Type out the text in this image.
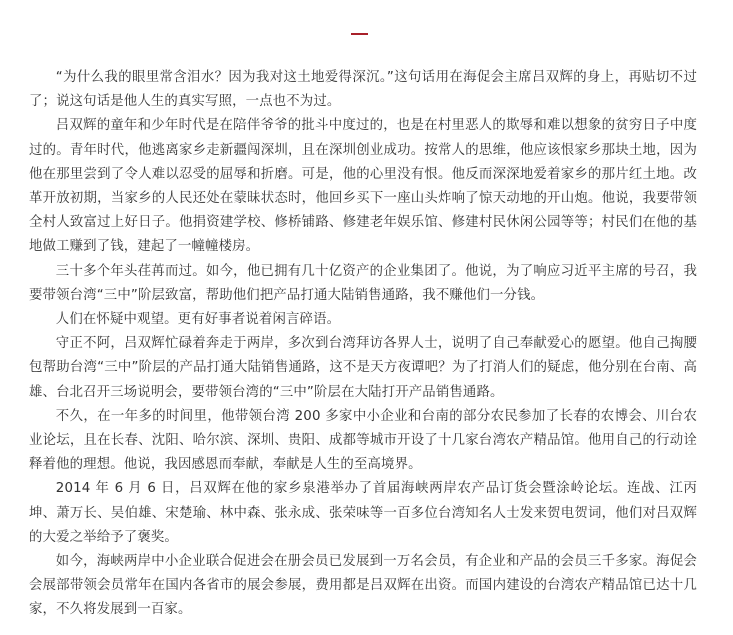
“为什么我的眼里常含泪水？因为我对这土地爱得深沉。”这句话用在海促会主席吕双辉的身上，再贴切不过了；说这句话是他人生的真实写照，一点也不为过。

吕双辉的童年和少年时代是在陪伴爷爷的批斗中度过的，也是在村里恶人的欺辱和难以想象的贫穷日子中度过的。青年时代，他逃离家乡走新疆闯深圳，且在深圳创业成功。按常人的思维，他应该恨家乡那块土地，因为他在那里尝到了令人难以忍受的屈辱和折磨。可是，他的心里没有恨。他反而深深地爱着家乡的那片红土地。改革开放初期，当家乡的人民还处在蒙昧状态时，他回乡买下一座山头炸响了惊天动地的开山炮。他说，我要带领全村人致富过上好日子。他捐资建学校、修桥铺路、修建老年娱乐馆、修建村民休闲公园等等；村民们在他的基地做工赚到了钱，建起了一幢幢楼房。

三十多个年头荏苒而过。如今，他已拥有几十亿资产的企业集团了。他说，为了响应习近平主席的号召，我要带领台湾“三中”阶层致富，帮助他们把产品打通大陆销售通路，我不赚他们一分钱。

人们在怀疑中观望。更有好事者说着闲言碎语。

守正不阿，吕双辉忙碌着奔走于两岸，多次到台湾拜访各界人士，说明了自己奉献爱心的愿望。他自己掏腰包帮助台湾“三中”阶层的产品打通大陆销售通路，这不是天方夜谭吧？为了打消人们的疑虑，他分别在台南、高雄、台北召开三场说明会，要带领台湾的“三中”阶层在大陆打开产品销售通路。

不久，在一年多的时间里，他带领台湾 200 多家中小企业和台南的部分农民参加了长春的农博会、川台农业论坛，且在长春、沈阳、哈尔滨、深圳、贵阳、成都等城市开设了十几家台湾农产精品馆。他用自己的行动诠释着他的理想。他说，我因感恩而奉献，奉献是人生的至高境界。

2014 年 6 月 6 日，吕双辉在他的家乡泉港举办了首届海峡两岸农产品订货会暨涂岭论坛。连战、江丙坤、萧万长、吴伯雄、宋楚瑜、林中森、张永成、张荣味等一百多位台湾知名人士发来贺电贺词，他们对吕双辉的大爱之举给予了褒奖。

如今，海峡两岸中小企业联合促进会在册会员已发展到一万名会员，有企业和产品的会员三千多家。海促会会展部带领会员常年在国内各省市的展会参展，费用都是吕双辉在出资。而国内建设的台湾农产精品馆已达十几家，不久将发展到一百家。
